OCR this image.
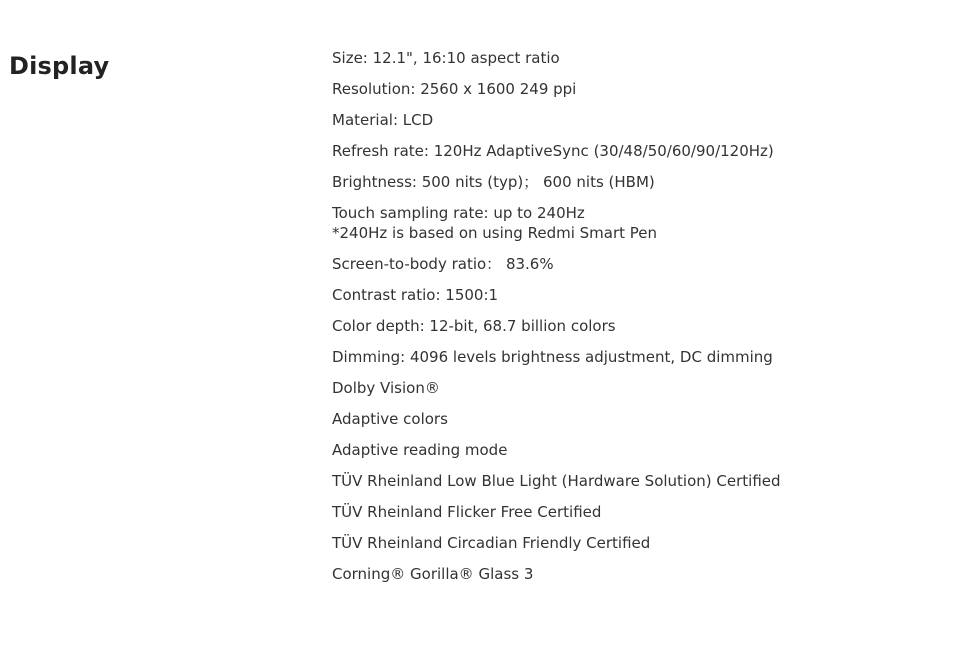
Display	Size: 12.1", 16:10 aspect ratio
Resolution: 2560 x 1600 249 ppi
Material: LCD
Refresh rate: 120Hz AdaptiveSync (30/48/50/60/90/120Hz)
Brightness: 500 nits (typ)； 600 nits (HBM)
Touch sampling rate: up to 240Hz
*240Hz is based on using Redmi Smart Pen
Screen-to-body ratio： 83.6%
Contrast ratio: 1500:1
Color depth: 12-bit, 68.7 billion colors
Dimming: 4096 levels brightness adjustment, DC dimming
Dolby Vision®
Adaptive colors
Adaptive reading mode
TÜV Rheinland Low Blue Light (Hardware Solution) Certified
TÜV Rheinland Flicker Free Certified
TÜV Rheinland Circadian Friendly Certified
Corning® Gorilla® Glass 3
